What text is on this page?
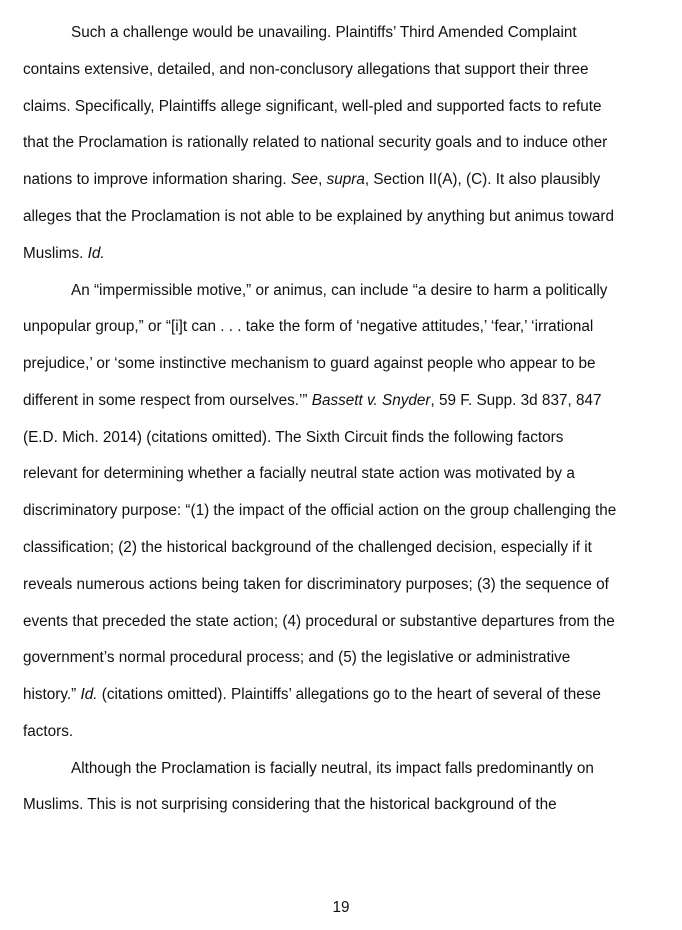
Such a challenge would be unavailing. Plaintiffs’ Third Amended Complaint
contains extensive, detailed, and non-conclusory allegations that support their three
claims. Specifically, Plaintiffs allege significant, well-pled and supported facts to refute
that the Proclamation is rationally related to national security goals and to induce other
nations to improve information sharing. See, supra, Section II(A), (C). It also plausibly
alleges that the Proclamation is not able to be explained by anything but animus toward
Muslims. Id.
An “impermissible motive,” or animus, can include “a desire to harm a politically
unpopular group,” or “[i]t can . . . take the form of ‘negative attitudes,’ ‘fear,’ ‘irrational
prejudice,’ or ‘some instinctive mechanism to guard against people who appear to be
different in some respect from ourselves.’” Bassett v. Snyder, 59 F. Supp. 3d 837, 847
(E.D. Mich. 2014) (citations omitted). The Sixth Circuit finds the following factors
relevant for determining whether a facially neutral state action was motivated by a
discriminatory purpose: “(1) the impact of the official action on the group challenging the
classification; (2) the historical background of the challenged decision, especially if it
reveals numerous actions being taken for discriminatory purposes; (3) the sequence of
events that preceded the state action; (4) procedural or substantive departures from the
government’s normal procedural process; and (5) the legislative or administrative
history.” Id. (citations omitted). Plaintiffs’ allegations go to the heart of several of these
factors.
Although the Proclamation is facially neutral, its impact falls predominantly on
Muslims. This is not surprising considering that the historical background of the
19
